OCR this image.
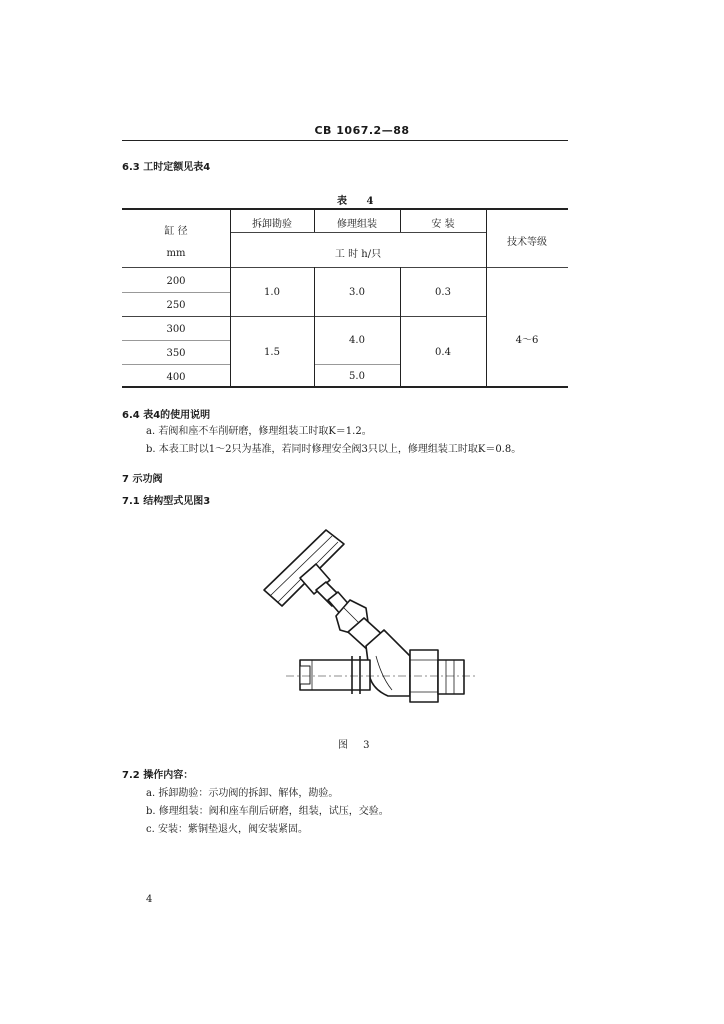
CB 1067.2—88
6.3 工时定额见表4
表 4
缸 径
mm
拆卸勘验	修理组装	安 装
工 时 h/只
技术等级
200
250
300
350
400
1.0
1.5
3.0
4.0
5.0
0.3
0.4
4～6
6.4 表4的使用说明
a. 若阀和座不车削研磨，修理组装工时取K＝1.2。
b. 本表工时以1～2只为基准，若同时修理安全阀3只以上，修理组装工时取K＝0.8。
7 示功阀
7.1 结构型式见图3
图 3
7.2 操作内容：
a. 拆卸勘验：示功阀的拆卸、解体，勘验。
b. 修理组装：阀和座车削后研磨，组装，试压，交验。
c. 安装：紫铜垫退火，阀安装紧固。
4
